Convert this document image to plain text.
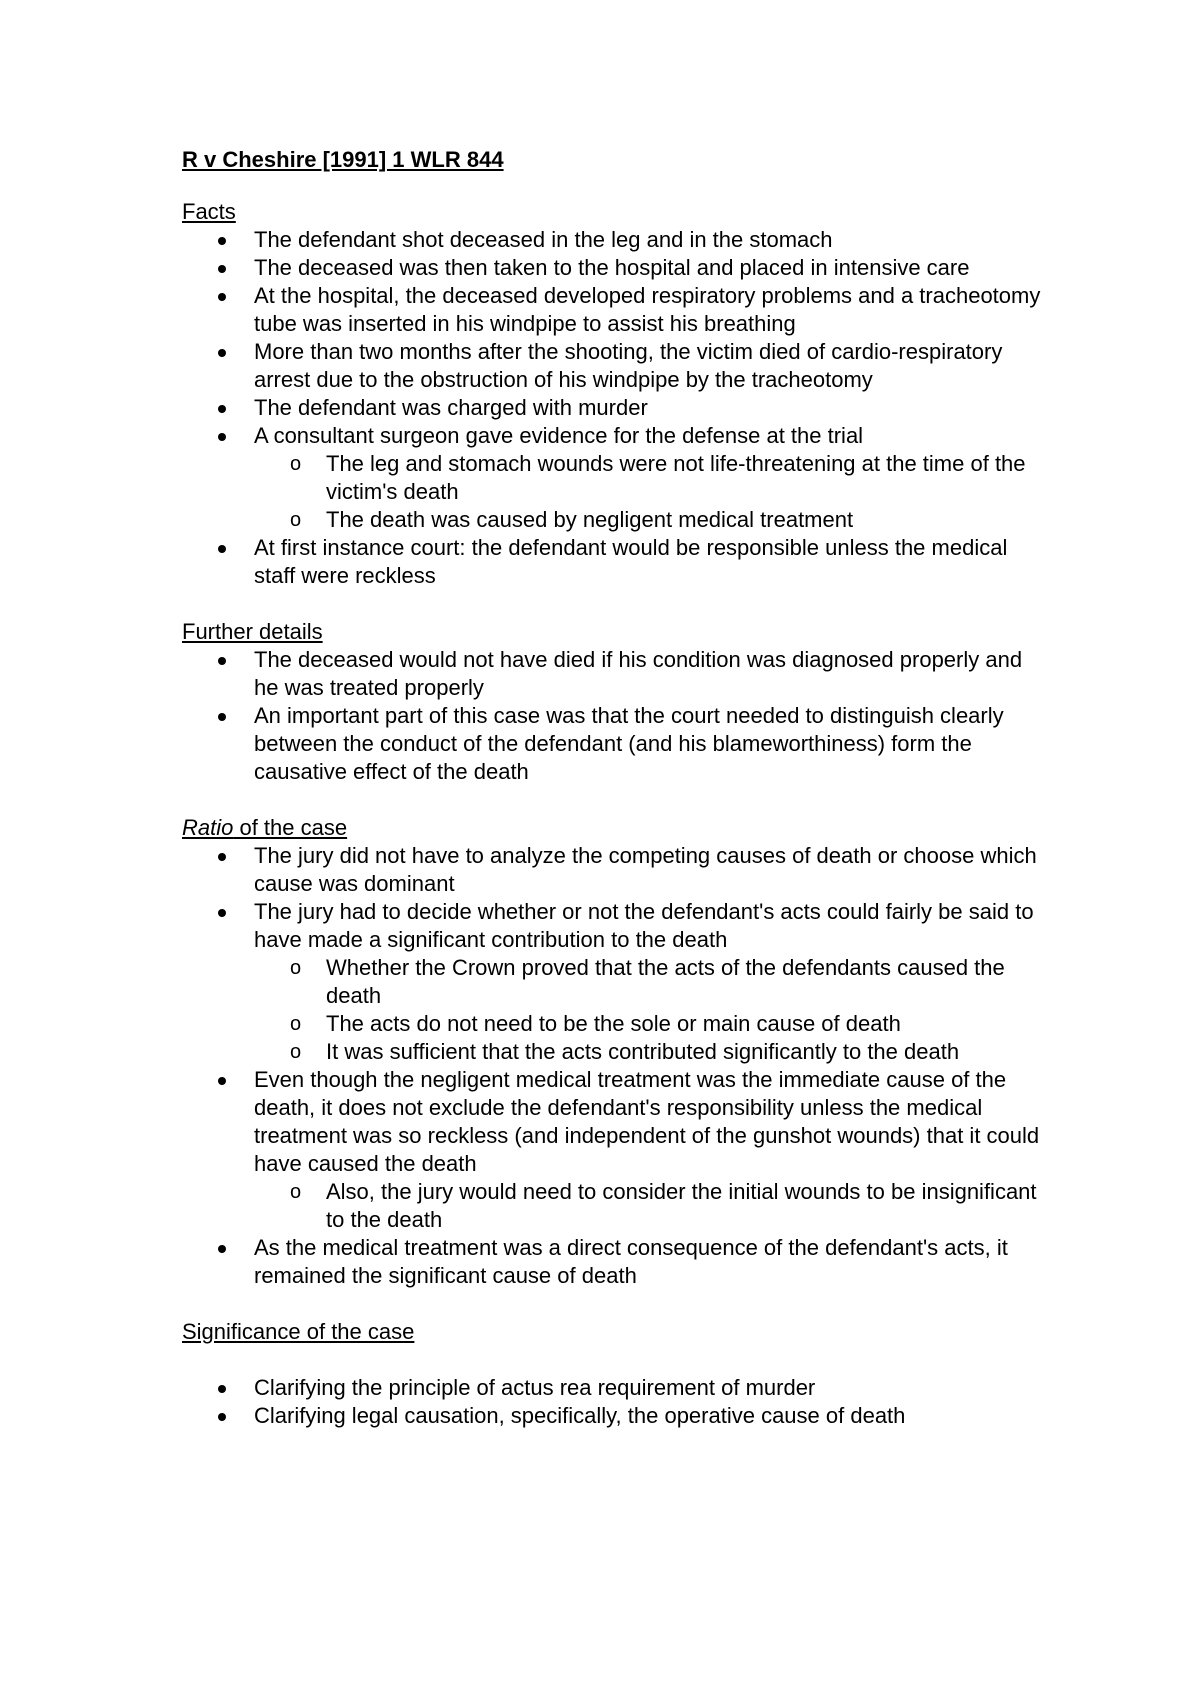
R v Cheshire [1991] 1 WLR 844
Facts
The defendant shot deceased in the leg and in the stomach
The deceased was then taken to the hospital and placed in intensive care
At the hospital, the deceased developed respiratory problems and a tracheotomy tube was inserted in his windpipe to assist his breathing
More than two months after the shooting, the victim died of cardio-respiratory arrest due to the obstruction of his windpipe by the tracheotomy
The defendant was charged with murder
A consultant surgeon gave evidence for the defense at the trial
o The leg and stomach wounds were not life-threatening at the time of the victim's death
o The death was caused by negligent medical treatment
At first instance court: the defendant would be responsible unless the medical staff were reckless
Further details
The deceased would not have died if his condition was diagnosed properly and he was treated properly
An important part of this case was that the court needed to distinguish clearly between the conduct of the defendant (and his blameworthiness) form the causative effect of the death
Ratio of the case
The jury did not have to analyze the competing causes of death or choose which cause was dominant
The jury had to decide whether or not the defendant's acts could fairly be said to have made a significant contribution to the death
o Whether the Crown proved that the acts of the defendants caused the death
o The acts do not need to be the sole or main cause of death
o It was sufficient that the acts contributed significantly to the death
Even though the negligent medical treatment was the immediate cause of the death, it does not exclude the defendant's responsibility unless the medical treatment was so reckless (and independent of the gunshot wounds) that it could have caused the death
o Also, the jury would need to consider the initial wounds to be insignificant to the death
As the medical treatment was a direct consequence of the defendant's acts, it remained the significant cause of death
Significance of the case
Clarifying the principle of actus rea requirement of murder
Clarifying legal causation, specifically, the operative cause of death
